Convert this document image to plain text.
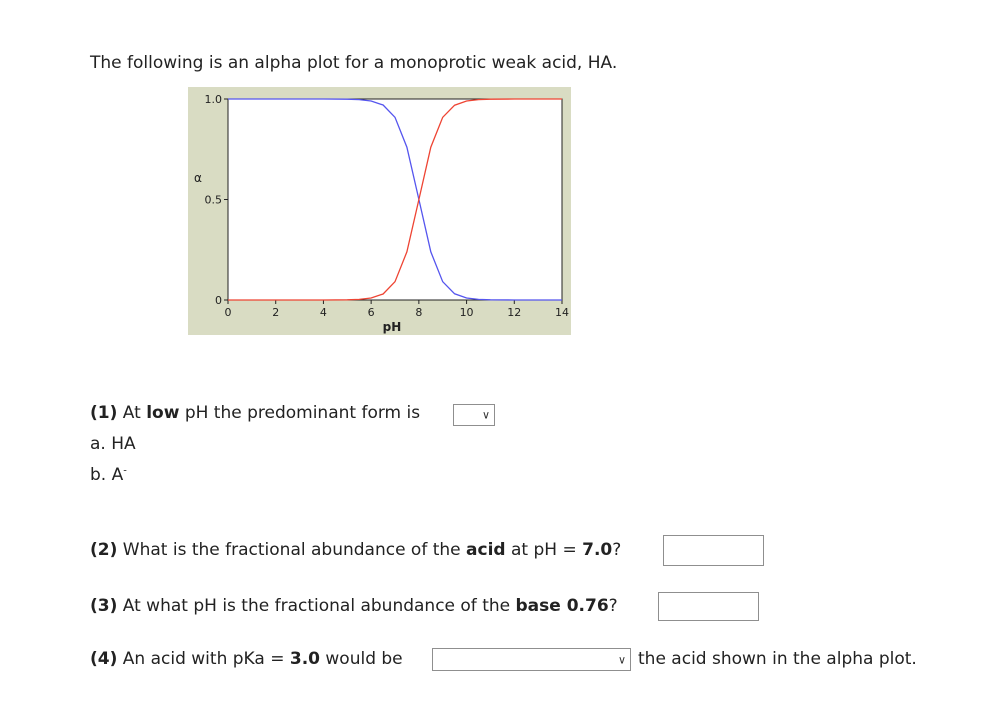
The following is an alpha plot for a monoprotic weak acid, HA.
0	2	4	6	8	10	12	14
0
0.5
1.0
pH
α
(1) At low pH the predominant form is	∨
a. HA
b. A-
(2) What is the fractional abundance of the acid at pH = 7.0?
(3) At what pH is the fractional abundance of the base 0.76?
(4) An acid with pKa = 3.0 would be	∨ the acid shown in the alpha plot.
